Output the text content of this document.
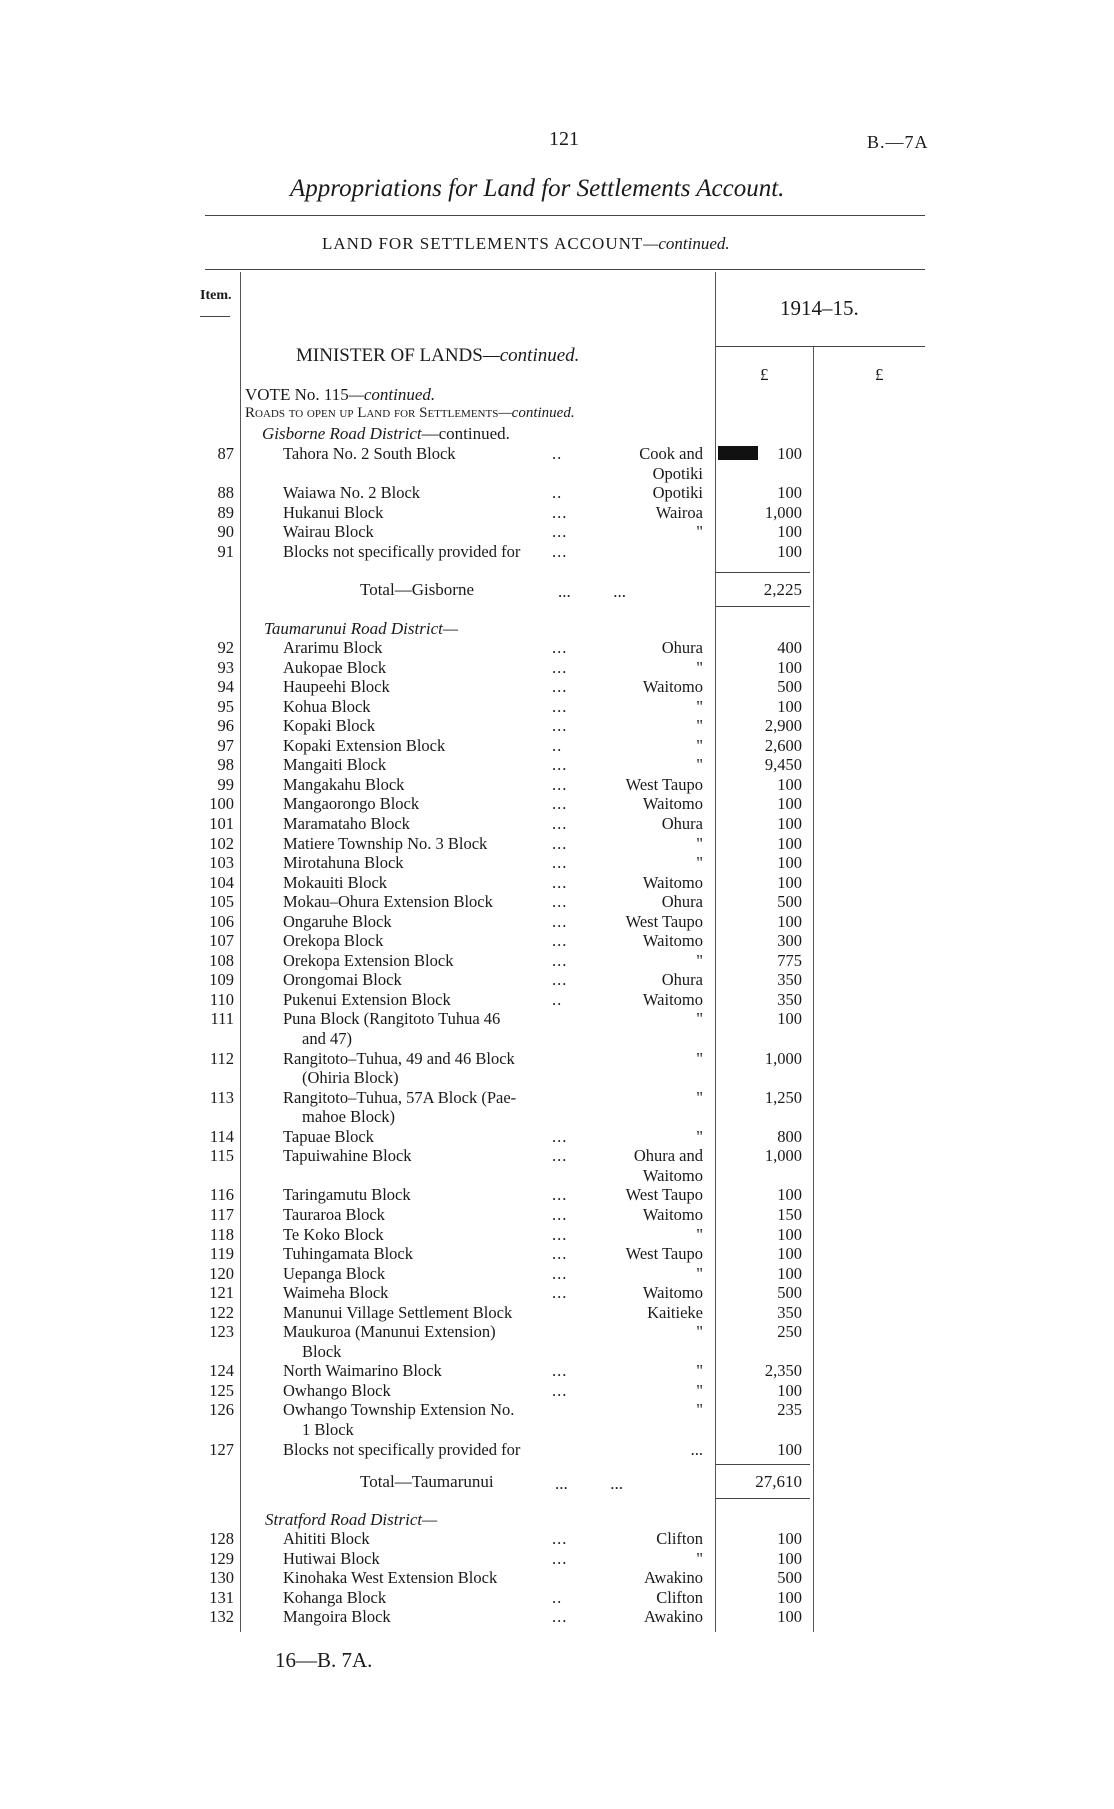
121	B.—7A
Appropriations for Land for Settlements Account.
LAND FOR SETTLEMENTS ACCOUNT—continued.
Item.
1914–15.
£	£
MINISTER OF LANDS—continued.
VOTE No. 115—continued.
Roads to open up Land for Settlements—continued.
Gisborne Road District—continued.
87	Tahora No. 2 South Block	..	Cook and	100
Opotiki
88	Waiawa No. 2 Block	..	Opotiki	100
89	Hukanui Block	...	Wairoa	1,000
90	Wairau Block	...	"	100
91	Blocks not specifically provided for ...	100
Total—Gisborne	...          ...	2,225
Taumarunui Road District—
92	Ararimu Block	...	Ohura	400
93	Aukopae Block	...	"	100
94	Haupeehi Block	...	Waitomo	500
95	Kohua Block	...	"	100
96	Kopaki Block	...	"	2,900
97	Kopaki Extension Block	..	"	2,600
98	Mangaiti Block	...	"	9,450
99	Mangakahu Block	...	West Taupo	100
100	Mangaorongo Block	...	Waitomo	100
101	Maramataho Block	...	Ohura	100
102	Matiere Township No. 3 Block	...	"	100
103	Mirotahuna Block	...	"	100
104	Mokauiti Block	...	Waitomo	100
105	Mokau–Ohura Extension Block	...	Ohura	500
106	Ongaruhe Block	...	West Taupo	100
107	Orekopa Block	...	Waitomo	300
108	Orekopa Extension Block	...	"	775
109	Orongomai Block	...	Ohura	350
110	Pukenui Extension Block	..	Waitomo	350
111	Puna Block (Rangitoto Tuhua 46	"	100
and 47)
112	Rangitoto–Tuhua, 49 and 46 Block	"	1,000
(Ohiria Block)
113	Rangitoto–Tuhua, 57A Block (Pae-	"	1,250
mahoe Block)
114	Tapuae Block	...	"	800
115	Tapuiwahine Block	...	Ohura and	1,000
Waitomo
116	Taringamutu Block	...	West Taupo	100
117	Tauraroa Block	...	Waitomo	150
118	Te Koko Block	...	"	100
119	Tuhingamata Block	...	West Taupo	100
120	Uepanga Block	...	"	100
121	Waimeha Block	...	Waitomo	500
122	Manunui Village Settlement Block	Kaitieke	350
123	Maukuroa (Manunui Extension)	"	250
Block
124	North Waimarino Block	...	"	2,350
125	Owhango Block	...	"	100
126	Owhango Township Extension No.	"	235
1 Block
127	Blocks not specifically provided for	...	100
Total—Taumarunui	...          ...	27,610
Stratford Road District—
128	Ahititi Block	...	Clifton	100
129	Hutiwai Block	...	"	100
130	Kinohaka West Extension Block	Awakino	500
131	Kohanga Block	..	Clifton	100
132	Mangoira Block	...	Awakino	100
16—B. 7A.
